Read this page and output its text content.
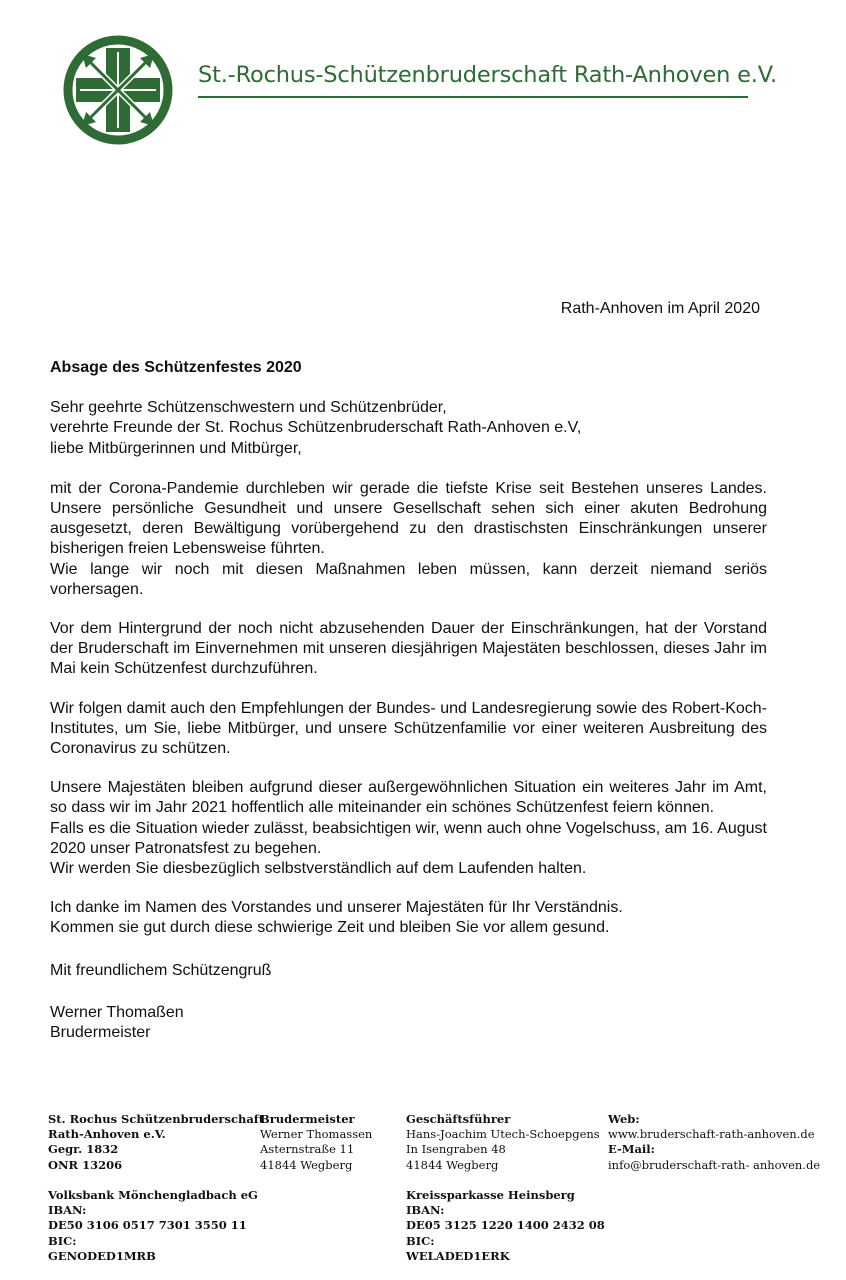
St.-Rochus-Schützenbruderschaft Rath-Anhoven e.V.
Rath-Anhoven im April 2020

Absage des Schützenfestes 2020

Sehr geehrte Schützenschwestern und Schützenbrüder,
verehrte Freunde der St. Rochus Schützenbruderschaft Rath-Anhoven e.V,
liebe Mitbürgerinnen und Mitbürger,

mit der Corona-Pandemie durchleben wir gerade die tiefste Krise seit Bestehen unseres Landes. Unsere persönliche Gesundheit und unsere Gesellschaft sehen sich einer akuten Bedrohung ausgesetzt, deren Bewältigung vorübergehend zu den drastischsten Einschränkungen unserer bisherigen freien Lebensweise führten.
Wie lange wir noch mit diesen Maßnahmen leben müssen, kann derzeit niemand seriös vorhersagen.

Vor dem Hintergrund der noch nicht abzusehenden Dauer der Einschränkungen, hat der Vorstand der Bruderschaft im Einvernehmen mit unseren diesjährigen Majestäten beschlossen, dieses Jahr im Mai kein Schützenfest durchzuführen.

Wir folgen damit auch den Empfehlungen der Bundes- und Landesregierung sowie des Robert-Koch-Institutes, um Sie, liebe Mitbürger, und unsere Schützenfamilie vor einer weiteren Ausbreitung des Coronavirus zu schützen.

Unsere Majestäten bleiben aufgrund dieser außergewöhnlichen Situation ein weiteres Jahr im Amt, so dass wir im Jahr 2021 hoffentlich alle miteinander ein schönes Schützenfest feiern können.
Falls es die Situation wieder zulässt, beabsichtigen wir, wenn auch ohne Vogelschuss, am 16. August 2020 unser Patronatsfest zu begehen.
Wir werden Sie diesbezüglich selbstverständlich auf dem Laufenden halten.

Ich danke im Namen des Vorstandes und unserer Majestäten für Ihr Verständnis.
Kommen sie gut durch diese schwierige Zeit und bleiben Sie vor allem gesund.

Mit freundlichem Schützengruß

Werner Thomaßen

Brudermeister

St. Rochus Schützenbruderschaft
Rath-Anhoven e.V.
Gegr. 1832
ONR 13206
Brudermeister
Werner Thomassen
Asternstraße 11
41844 Wegberg
Geschäftsführer
Hans-Joachim Utech-Schoepgens
In Isengraben 48
41844 Wegberg
Web:
www.bruderschaft-rath-anhoven.de
E-Mail:
info@bruderschaft-rath- anhoven.de
Volksbank Mönchengladbach eG
IBAN:
DE50 3106 0517 7301 3550 11
BIC:
GENODED1MRB
Kreissparkasse Heinsberg
IBAN:
DE05 3125 1220 1400 2432 08
BIC:
WELADED1ERK
